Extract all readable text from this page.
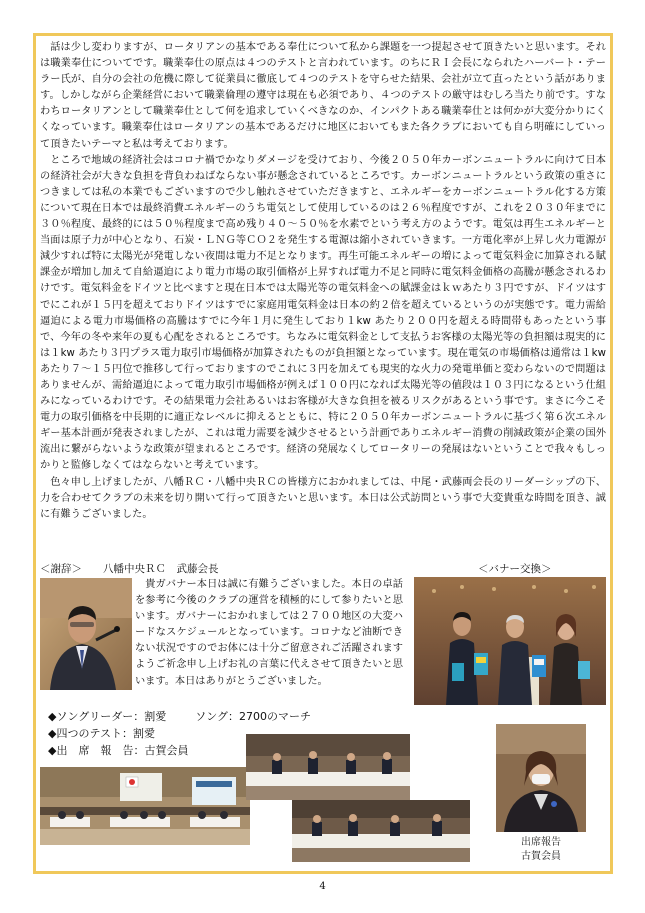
話は少し変わりますが、ロータリアンの基本である奉仕について私から課題を一つ提起させて頂きたいと思います。それは職業奉仕についてです。職業奉仕の原点は４つのテストと言われています。のちにＲＩ会長になられたハーバート・テーラー氏が、自分の会社の危機に際して従業員に徹底して４つのテストを守らせた結果、会社が立て直ったという話があります。しかしながら企業経営において職業倫理の遵守は現在も必須であり、４つのテストの厳守はむしろ当たり前です。すなわちロータリアンとして職業奉仕として何を追求していくべきなのか、インパクトある職業奉仕とは何かが大変分かりにくくなっています。職業奉仕はロータリアンの基本であるだけに地区においてもまた各クラブにおいても自ら明確にしていって頂きたいテーマと私は考えております。

ところで地域の経済社会はコロナ禍でかなりダメージを受けており、今後２０５０年カーボンニュートラルに向けて日本の経済社会が大きな負担を背負わねばならない事が懸念されているところです。カーボンニュートラルという政策の重さにつきましては私の本業でもございますので少し触れさせていただきますと、エネルギーをカーボンニュートラル化する方策について現在日本では最終消費エネルギーのうち電気として使用しているのは２６％程度ですが、これを２０３０年までに３０％程度、最終的には５０％程度まで高め残り４０～５０％を水素でという考え方のようです。電気は再生エネルギーと当面は原子力が中心となり、石炭・ＬＮＧ等ＣＯ２を発生する電源は縮小されていきます。一方電化率が上昇し火力電源が減少すれば特に太陽光が発電しない夜間は電力不足となります。再生可能エネルギーの増によって電気料金に加算される賦課金が増加し加えて自給逼迫により電力市場の取引価格が上昇すれば電力不足と同時に電気料金価格の高騰が懸念されるわけです。電気料金をドイツと比べますと現在日本では太陽光等の電気料金への賦課金はｋｗあたり３円ですが、ドイツはすでにこれが１５円を超えておりドイツはすでに家庭用電気料金は日本の約２倍を超えているというのが実態です。電力需給逼迫による電力市場価格の高騰はすでに今年１月に発生しており１kw あたり２００円を超える時間帯もあったという事で、今年の冬や来年の夏も心配をされるところです。ちなみに電気料金として支払うお客様の太陽光等の負担額は現実的には１kw あたり３円プラス電力取引市場価格が加算されたものが負担額となっています。現在電気の市場価格は通常は１kw あたり７～１５円位で推移して行っておりますのでこれに３円を加えても現実的な火力の発電単価と変わらないので問題はありませんが、需給逼迫によって電力取引市場価格が例えば１００円になれば太陽光等の値段は１０３円になるという仕組みになっているわけです。その結果電力会社あるいはお客様が大きな負担を被るリスクがあるという事です。まさに今こそ電力の取引価格を中長期的に適正なレベルに抑えるとともに、特に２０５０年カーボンニュートラルに基づく第６次エネルギー基本計画が発表されましたが、これは電力需要を減少させるという計画でありエネルギー消費の削減政策が企業の国外流出に繋がらないような政策が望まれるところです。経済の発展なくしてロータリーの発展はないということで我々もしっかりと監修しなくてはならないと考えています。

色々申し上げましたが、八幡ＲＣ・八幡中央ＲＣの皆様方におかれましては、中尾・武藤両会長のリーダーシップの下、力を合わせてクラブの未来を切り開いて行って頂きたいと思います。本日は公式訪問という事で大変貴重な時間を頂き、誠に有難うございました。

＜謝辞＞　　八幡中央ＲＣ　武藤会長	＜バナー交換＞

貴ガバナー本日は誠に有難うございました。本日の卓話を参考に今後のクラブの運営を積極的にして参りたいと思います。ガバナーにおかれましては２７００地区の大変ハードなスケジュールとなっています。コロナなど油断できない状況ですのでお体には十分ご留意されご活躍されますようご祈念申し上げお礼の言葉に代えさせて頂きたいと思います。本日はありがとうございました。

◆ソングリーダー：割愛	ソング：2700のマーチ
◆四つのテスト：割愛
◆出　席　報　告：古賀会員
出席報告
古賀会員
4
